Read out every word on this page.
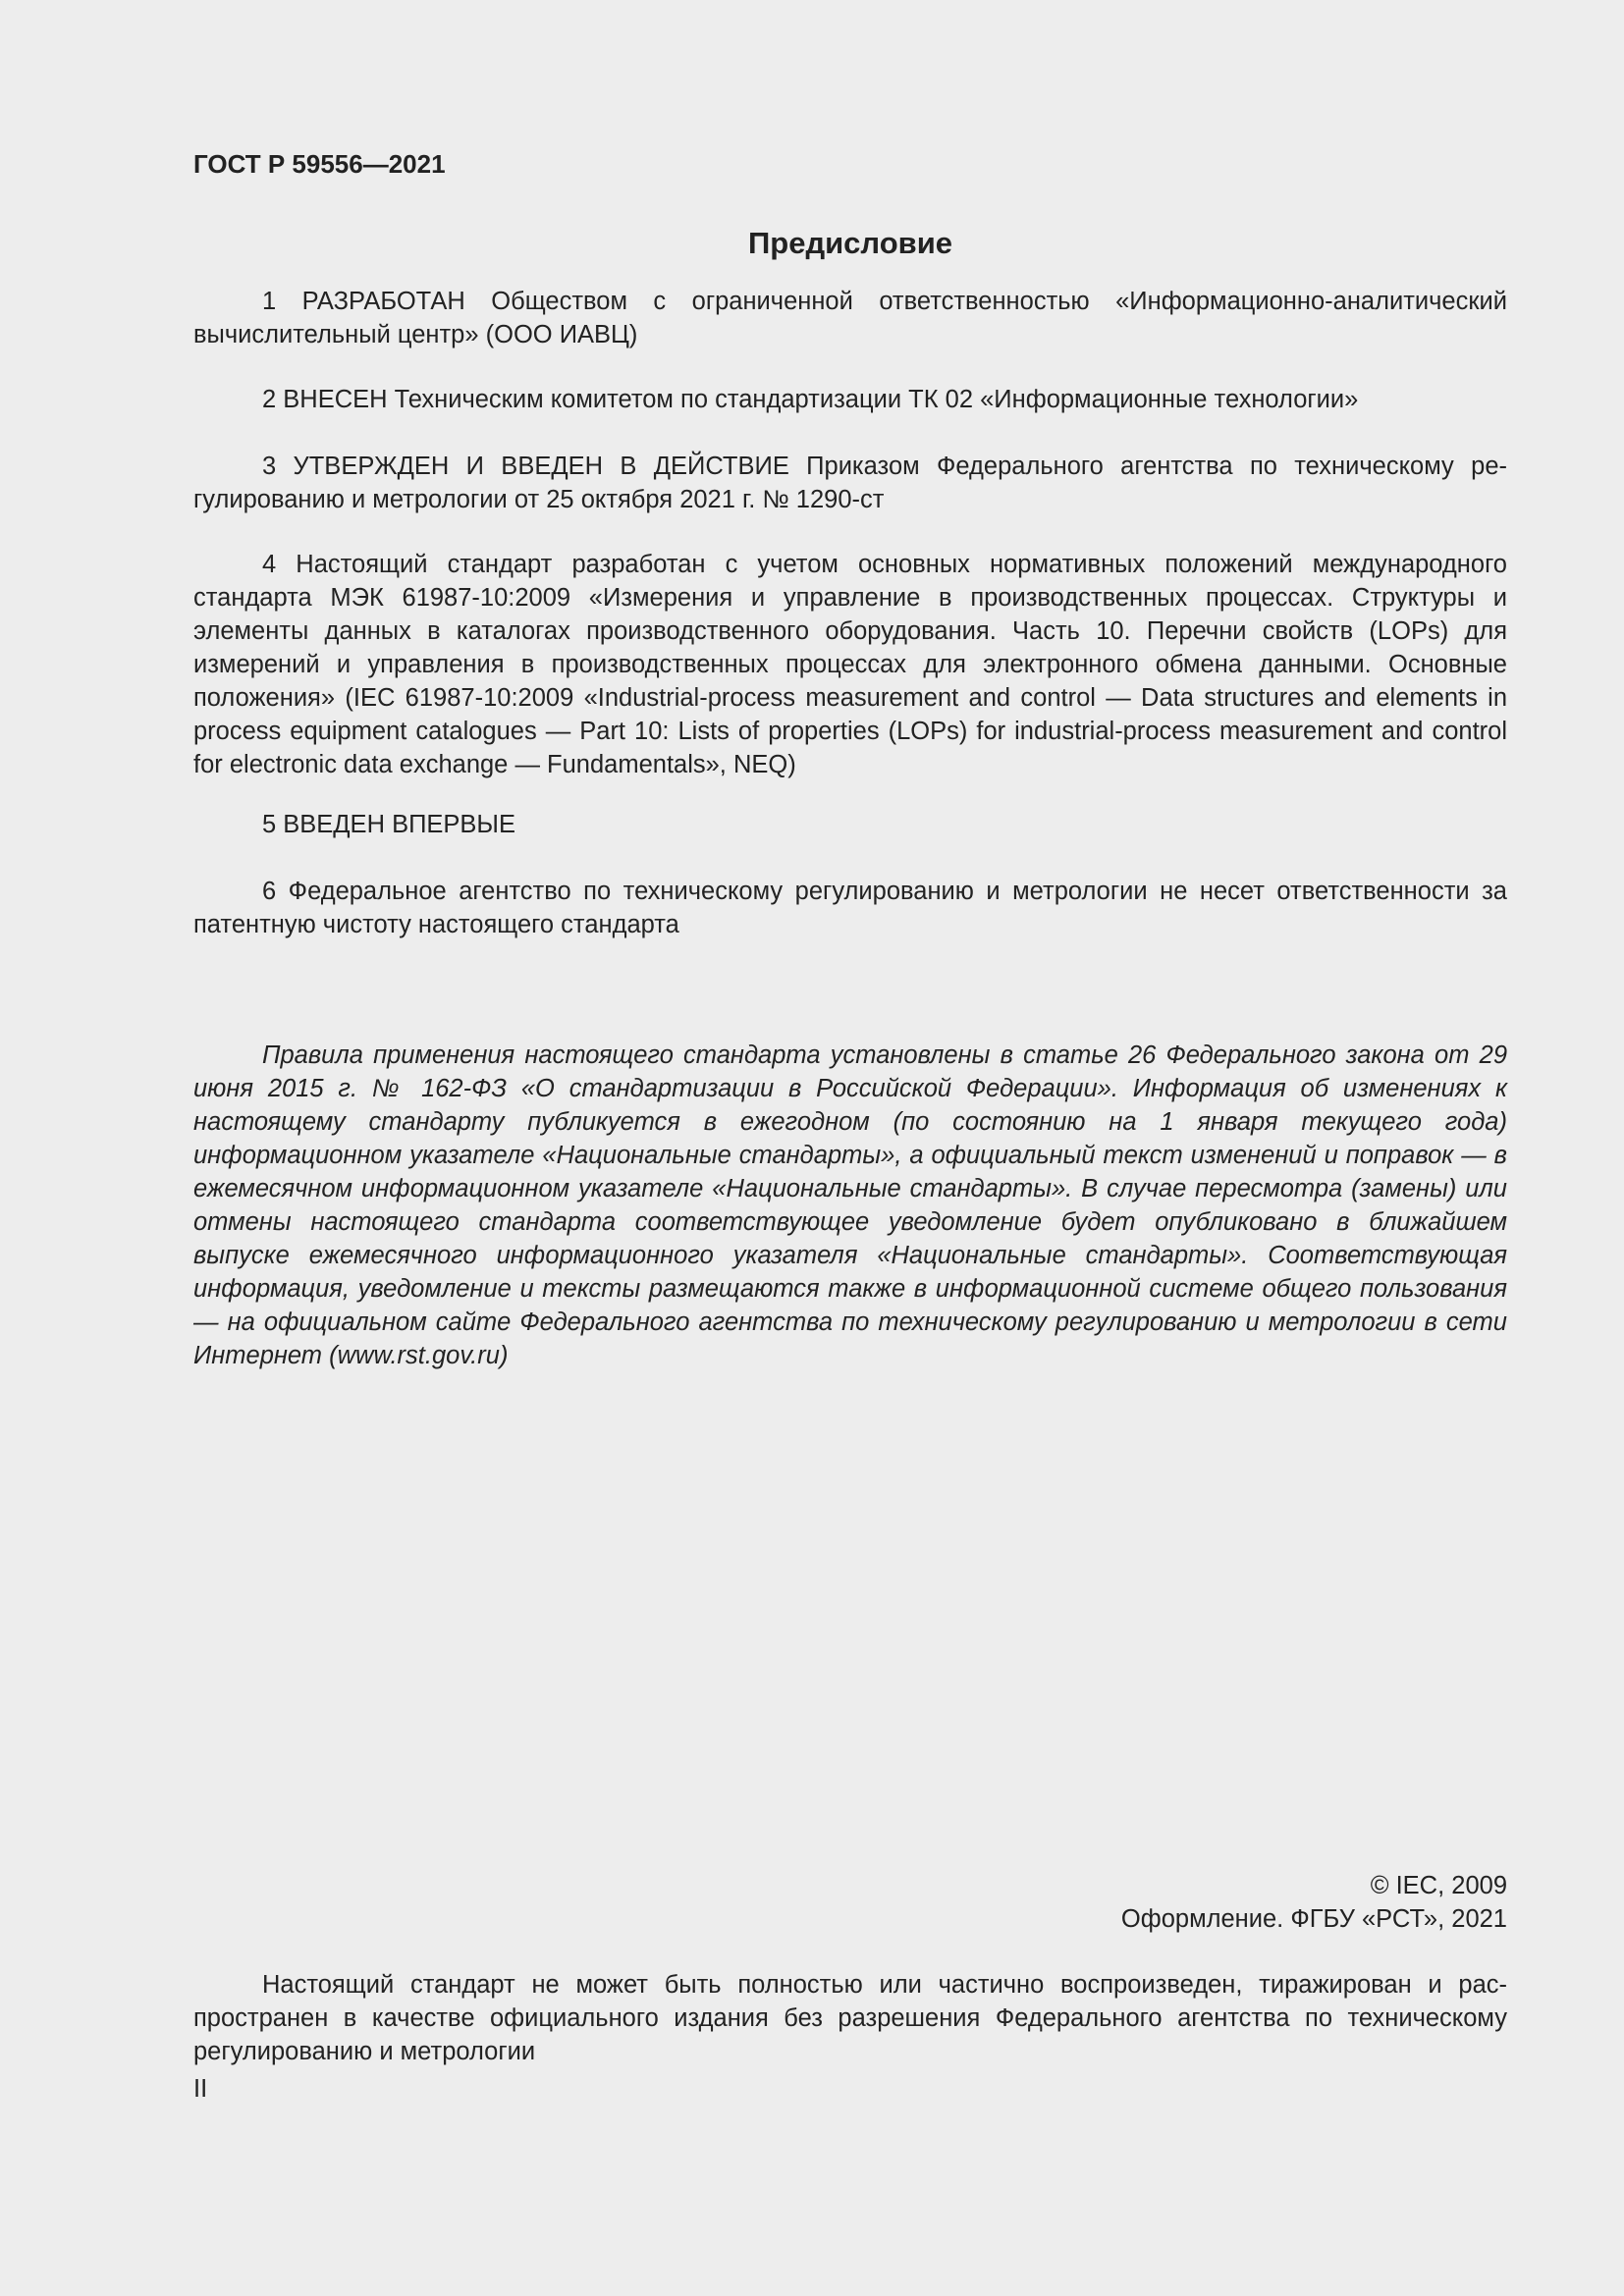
ГОСТ Р 59556—2021

Предисловие

1 РАЗРАБОТАН Обществом с ограниченной ответственностью «Информационно-аналитический вычислительный центр» (ООО ИАВЦ)

2 ВНЕСЕН Техническим комитетом по стандартизации ТК 02 «Информационные технологии»

3 УТВЕРЖДЕН И ВВЕДЕН В ДЕЙСТВИЕ Приказом Федерального агентства по техническому регулированию и метрологии от 25 октября 2021 г. № 1290-ст

4 Настоящий стандарт разработан с учетом основных нормативных положений международного стандарта МЭК 61987-10:2009 «Измерения и управление в производственных процессах. Структуры и элементы данных в каталогах производственного оборудования. Часть 10. Перечни свойств (LOPs) для измерений и управления в производственных процессах для электронного обмена данными. Основные положения» (IEC 61987-10:2009 «Industrial-process measurement and control — Data structures and elements in process equipment catalogues — Part 10: Lists of properties (LOPs) for industrial-process measurement and control for electronic data exchange — Fundamentals», NEQ)

5 ВВЕДЕН ВПЕРВЫЕ

6 Федеральное агентство по техническому регулированию и метрологии не несет ответственности за патентную чистоту настоящего стандарта

Правила применения настоящего стандарта установлены в статье 26 Федерального закона от 29 июня 2015 г. № 162-ФЗ «О стандартизации в Российской Федерации». Информация об изменениях к настоящему стандарту публикуется в ежегодном (по состоянию на 1 января текущего года) информационном указателе «Национальные стандарты», а официальный текст изменений и поправок — в ежемесячном информационном указателе «Национальные стандарты». В случае пересмотра (замены) или отмены настоящего стандарта соответствующее уведомление будет опубликовано в ближайшем выпуске ежемесячного информационного указателя «Национальные стандарты». Соответствующая информация, уведомление и тексты размещаются также в информационной системе общего пользования — на официальном сайте Федерального агентства по техническому регулированию и метрологии в сети Интернет (www.rst.gov.ru)

© IEC, 2009

Оформление. ФГБУ «РСТ», 2021

Настоящий стандарт не может быть полностью или частично воспроизведен, тиражирован и распространен в качестве официального издания без разрешения Федерального агентства по техническому регулированию и метрологии

II
